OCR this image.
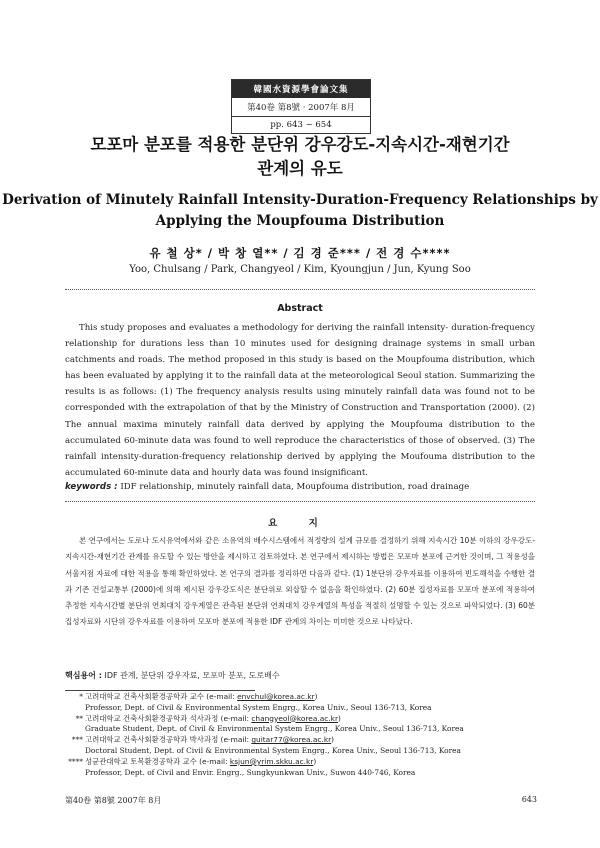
韓國水資源學會論文集
第40卷 第8號 · 2007年 8月
pp. 643 ~ 654
모포마 분포를 적용한 분단위 강우강도-지속시간-재현기간
관계의 유도
Derivation of Minutely Rainfall Intensity-Duration-Frequency Relationships by
Applying the Moupfouma Distribution
유 철 상* / 박 창 열** / 김 경 준*** / 전 경 수****
Yoo, Chulsang / Park, Changyeol / Kim, Kyoungjun / Jun, Kyung Soo
Abstract
This study proposes and evaluates a methodology for deriving the rainfall intensity- duration-frequency relationship for durations less than 10 minutes used for designing drainage systems in small urban catchments and roads. The method proposed in this study is based on the Moupfouma distribution, which has been evaluated by applying it to the rainfall data at the meteorological Seoul station. Summarizing the results is as follows: (1) The frequency analysis results using minutely rainfall data was found not to be corresponded with the extrapolation of that by the Ministry of Construction and Transportation (2000). (2) The annual maxima minutely rainfall data derived by applying the Moupfouma distribution to the accumulated 60-minute data was found to well reproduce the characteristics of those of observed. (3) The rainfall intensity-duration-frequency relationship derived by applying the Moufouma distribution to the accumulated 60-minute data and hourly data was found insignificant.
keywords : IDF relationship, minutely rainfall data, Moupfouma distribution, road drainage
요 지
본 연구에서는 도로나 도시유역에서와 같은 소유역의 배수시스템에서 적정량의 설계 규모를 결정하기 위해 지속시간 10분 이하의 강우강도-지속시간-재현기간 관계를 유도할 수 있는 방안을 제시하고 검토하였다. 본 연구에서 제시하는 방법은 모포마 분포에 근거한 것이며, 그 적용성을 서울지점 자료에 대한 적용을 통해 확인하였다. 본 연구의 결과를 정리하면 다음과 같다. (1) 1분단위 강우자료를 이용하여 빈도해석을 수행한 결과 기존 건설교통부 (2000)에 의해 제시된 강우강도식은 분단위로 외삽할 수 없음을 확인하였다. (2) 60분 집성자료를 모포마 분포에 적용하여 추정한 지속시간별 분단위 연최대치 강우계열은 관측된 분단위 연최대치 강우계열의 특성을 적절히 설명할 수 있는 것으로 파악되었다. (3) 60분 집성자료와 시단위 강우자료를 이용하여 모포마 분포에 적용한 IDF 관계의 차이는 미미한 것으로 나타났다.
핵심용어 : IDF 관계, 분단위 강우자료, 모포마 분포, 도로배수
* 고려대학교 건축사회환경공학과 교수 (e-mail: envchul@korea.ac.kr)
Professor, Dept. of Civil & Environmental System Engrg., Korea Univ., Seoul 136-713, Korea
** 고려대학교 건축사회환경공학과 석사과정 (e-mail: changyeol@korea.ac.kr)
Graduate Student, Dept. of Civil & Environmental System Engrg., Korea Univ., Seoul 136-713, Korea
*** 고려대학교 건축사회환경공학과 박사과정 (e-mail: guitar77@korea.ac.kr)
Doctoral Student, Dept. of Civil & Environmental System Engrg., Korea Univ., Seoul 136-713, Korea
**** 성균관대학교 토목환경공학과 교수 (e-mail: ksjun@yrim.skku.ac.kr)
Professor, Dept. of Civil and Envir. Engrg., Sungkyunkwan Univ., Suwon 440-746, Korea
第40卷 第8號 2007年 8月	643
